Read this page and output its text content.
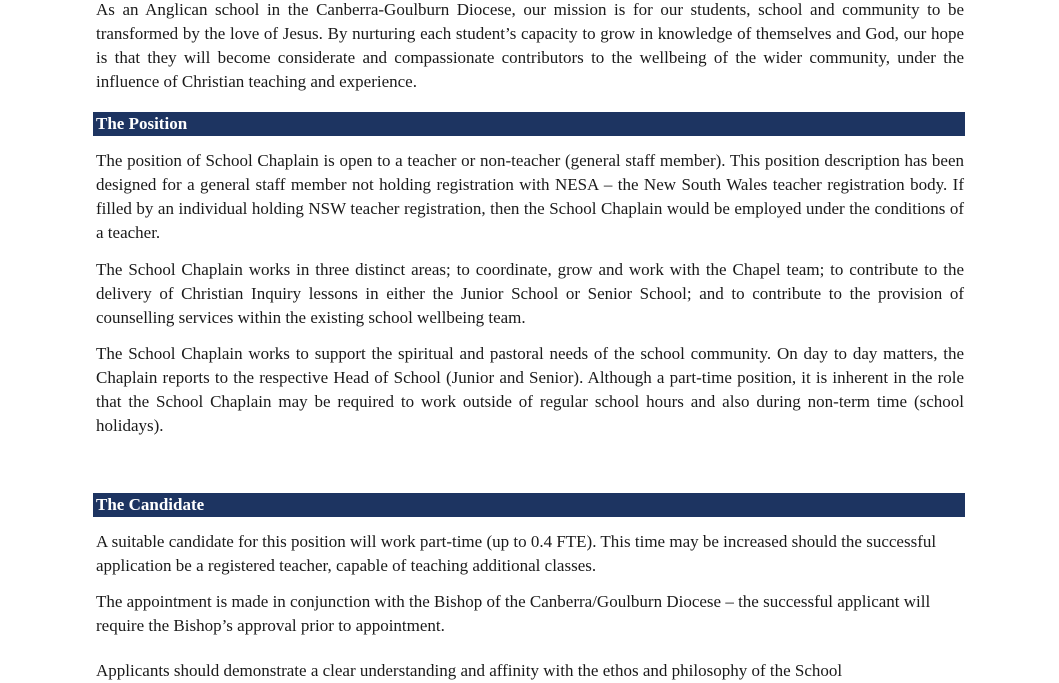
As an Anglican school in the Canberra-Goulburn Diocese, our mission is for our students, school and community to be transformed by the love of Jesus. By nurturing each student’s capacity to grow in knowledge of themselves and God, our hope is that they will become considerate and compassionate contributors to the wellbeing of the wider community, under the influence of Christian teaching and experience.

The Position

The position of School Chaplain is open to a teacher or non-teacher (general staff member). This position description has been designed for a general staff member not holding registration with NESA – the New South Wales teacher registration body. If filled by an individual holding NSW teacher registration, then the School Chaplain would be employed under the conditions of a teacher.

The School Chaplain works in three distinct areas; to coordinate, grow and work with the Chapel team; to contribute to the delivery of Christian Inquiry lessons in either the Junior School or Senior School; and to contribute to the provision of counselling services within the existing school wellbeing team.

The School Chaplain works to support the spiritual and pastoral needs of the school community. On day to day matters, the Chaplain reports to the respective Head of School (Junior and Senior). Although a part-time position, it is inherent in the role that the School Chaplain may be required to work outside of regular school hours and also during non-term time (school holidays).

The Candidate

A suitable candidate for this position will work part-time (up to 0.4 FTE). This time may be increased should the successful application be a registered teacher, capable of teaching additional classes.

The appointment is made in conjunction with the Bishop of the Canberra/Goulburn Diocese – the successful applicant will require the Bishop’s approval prior to appointment.

Applicants should demonstrate a clear understanding and affinity with the ethos and philosophy of the School
